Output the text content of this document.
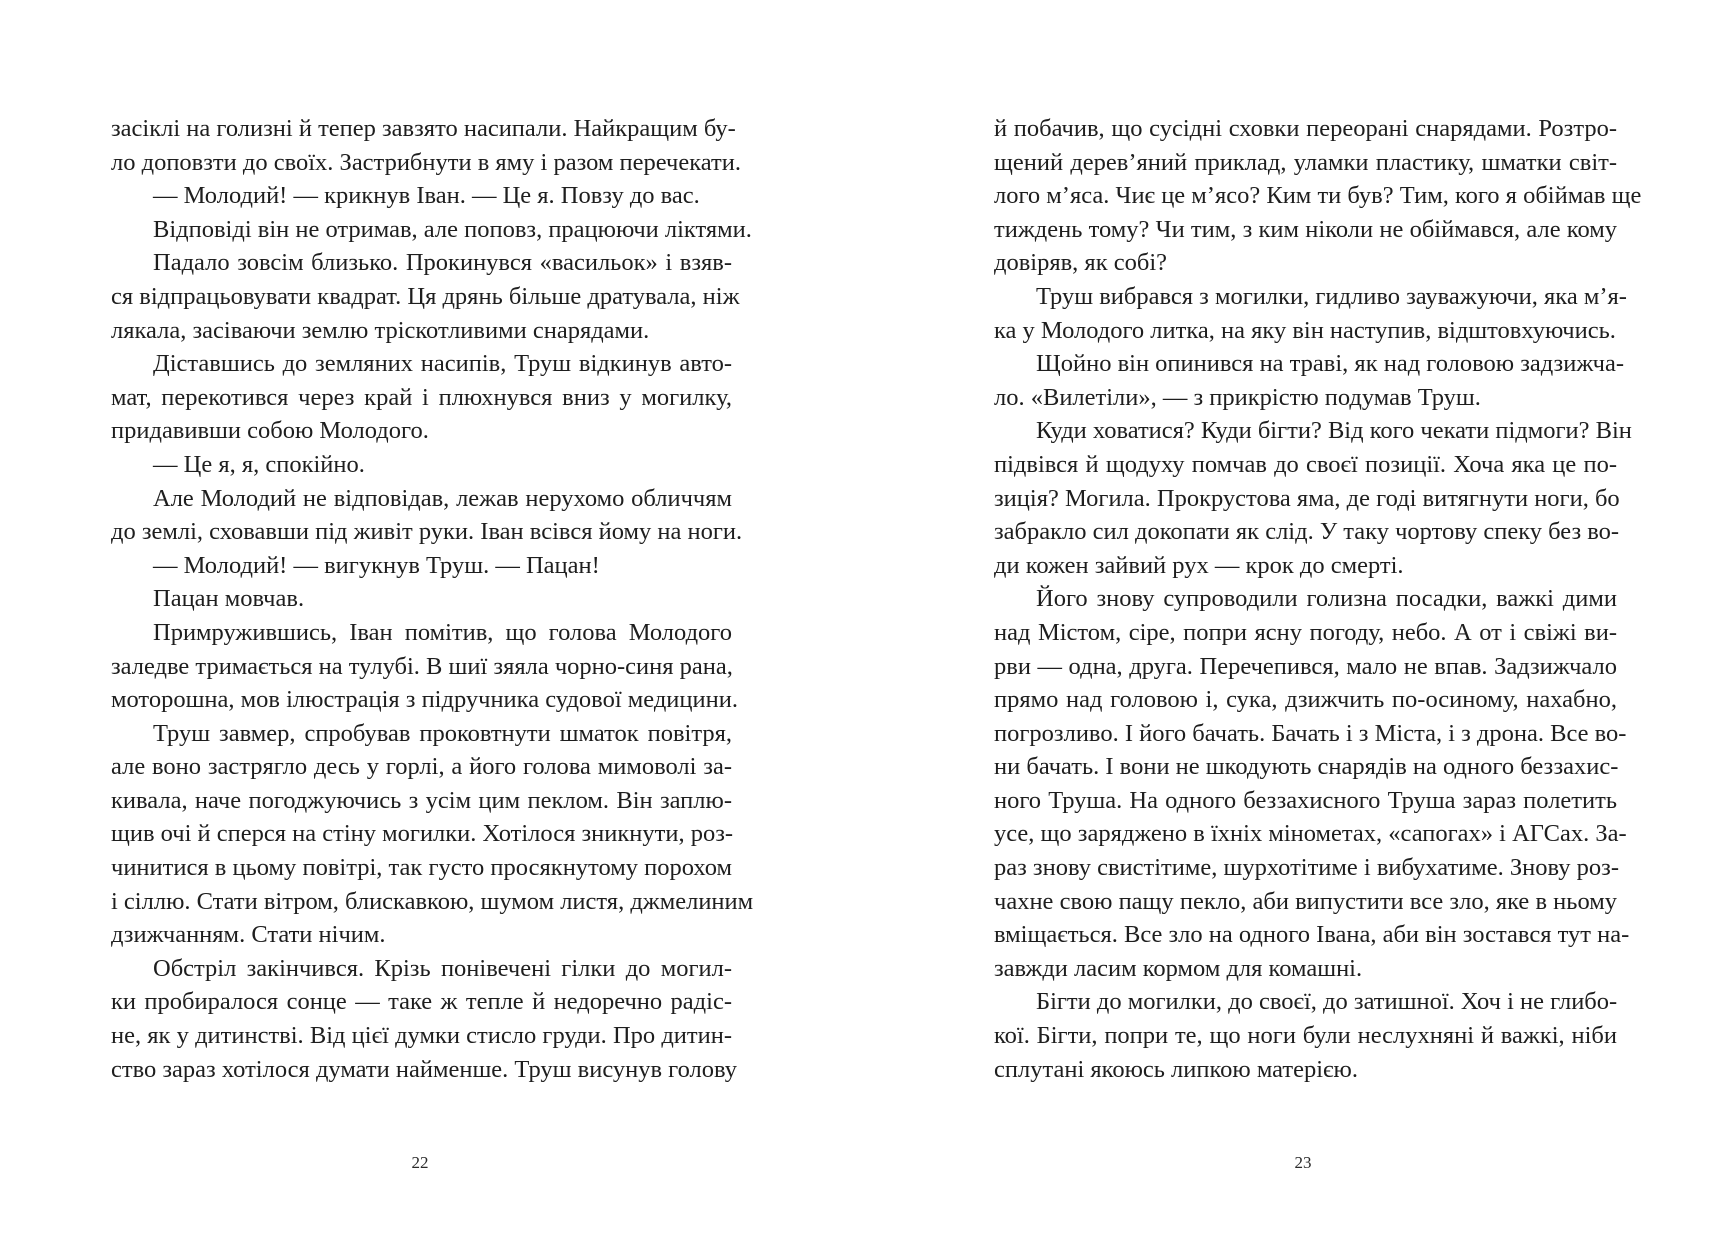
засіклі на голизні й тепер завзято насипали. Найкращим бу-
ло доповзти до своїх. Застрибнути в яму і разом перечекати.
— Молодий! — крикнув Іван. — Це я. Повзу до вас.
Відповіді він не отримав, але поповз, працюючи ліктями.
Падало зовсім близько. Прокинувся «васильок» і взяв-
ся відпрацьовувати квадрат. Ця дрянь більше дратувала, ніж
лякала, засіваючи землю тріскотливими снарядами.
Діставшись до земляних насипів, Труш відкинув авто-
мат, перекотився через край і плюхнувся вниз у могилку,
придавивши собою Молодого.
— Це я, я, спокійно.
Але Молодий не відповідав, лежав нерухомо обличчям
до землі, сховавши під живіт руки. Іван всівся йому на ноги.
— Молодий! — вигукнув Труш. — Пацан!
Пацан мовчав.
Примружившись, Іван помітив, що голова Молодого
заледве тримається на тулубі. В шиї зяяла чорно-синя рана,
моторошна, мов ілюстрація з підручника судової медицини.
Труш завмер, спробував проковтнути шматок повітря,
але воно застрягло десь у горлі, а його голова мимоволі за-
кивала, наче погоджуючись з усім цим пеклом. Він заплю-
щив очі й сперся на стіну могилки. Хотілося зникнути, роз-
чинитися в цьому повітрі, так густо просякнутому порохом
і сіллю. Стати вітром, блискавкою, шумом листя, джмелиним
дзижчанням. Стати нічим.
Обстріл закінчився. Крізь понівечені гілки до могил-
ки пробиралося сонце — таке ж тепле й недоречно радіс-
не, як у дитинстві. Від цієї думки стисло груди. Про дитин-
ство зараз хотілося думати найменше. Труш висунув голову
22
й побачив, що сусідні сховки переорані снарядами. Розтро-
щений дерев’яний приклад, уламки пластику, шматки світ-
лого м’яса. Чиє це м’ясо? Ким ти був? Тим, кого я обіймав ще
тиждень тому? Чи тим, з ким ніколи не обіймався, але кому
довіряв, як собі?
Труш вибрався з могилки, гидливо зауважуючи, яка м’я-
ка у Молодого литка, на яку він наступив, відштовхуючись.
Щойно він опинився на траві, як над головою задзижча-
ло. «Вилетіли», — з прикрістю подумав Труш.
Куди ховатися? Куди бігти? Від кого чекати підмоги? Він
підвівся й щодуху помчав до своєї позиції. Хоча яка це по-
зиція? Могила. Прокрустова яма, де годі витягнути ноги, бо
забракло сил докопати як слід. У таку чортову спеку без во-
ди кожен зайвий рух — крок до смерті.
Його знову супроводили голизна посадки, важкі дими
над Містом, сіре, попри ясну погоду, небо. А от і свіжі ви-
рви — одна, друга. Перечепився, мало не впав. Задзижчало
прямо над головою і, сука, дзижчить по-осиному, нахабно,
погрозливо. І його бачать. Бачать і з Міста, і з дрона. Все во-
ни бачать. І вони не шкодують снарядів на одного беззахис-
ного Труша. На одного беззахисного Труша зараз полетить
усе, що заряджено в їхніх мінометах, «сапогах» і АГСах. За-
раз знову свистітиме, шурхотітиме і вибухатиме. Знову роз-
чахне свою пащу пекло, аби випустити все зло, яке в ньому
вміщається. Все зло на одного Івана, аби він зостався тут на-
завжди ласим кормом для комашні.
Бігти до могилки, до своєї, до затишної. Хоч і не глибо-
кої. Бігти, попри те, що ноги були неслухняні й важкі, ніби
сплутані якоюсь липкою матерією.
23
